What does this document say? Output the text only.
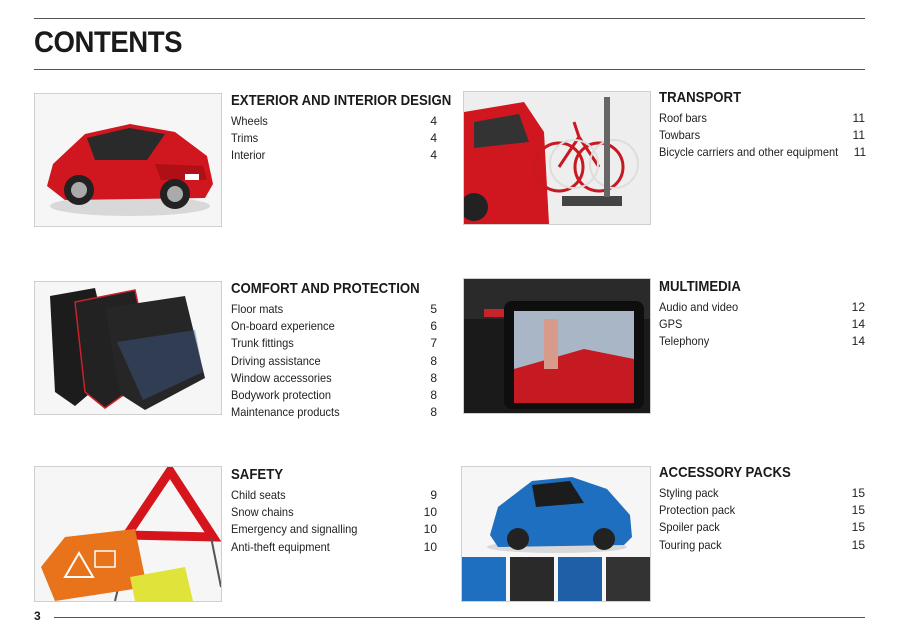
CONTENTS
EXTERIOR AND INTERIOR DESIGN
Wheels	4
Trims	4
Interior	4
TRANSPORT
Roof bars	11
Towbars	11
Bicycle carriers and other equipment 11
COMFORT AND PROTECTION
Floor mats	5
On-board experience	6
Trunk fittings	7
Driving assistance	8
Window accessories	8
Bodywork protection	8
Maintenance products	8
MULTIMEDIA
Audio and video	12
GPS	14
Telephony	14
SAFETY
Child seats	9
Snow chains	10
Emergency and signalling	10
Anti-theft equipment	10
ACCESSORY PACKS
Styling pack	15
Protection pack	15
Spoiler pack	15
Touring pack	15
3
